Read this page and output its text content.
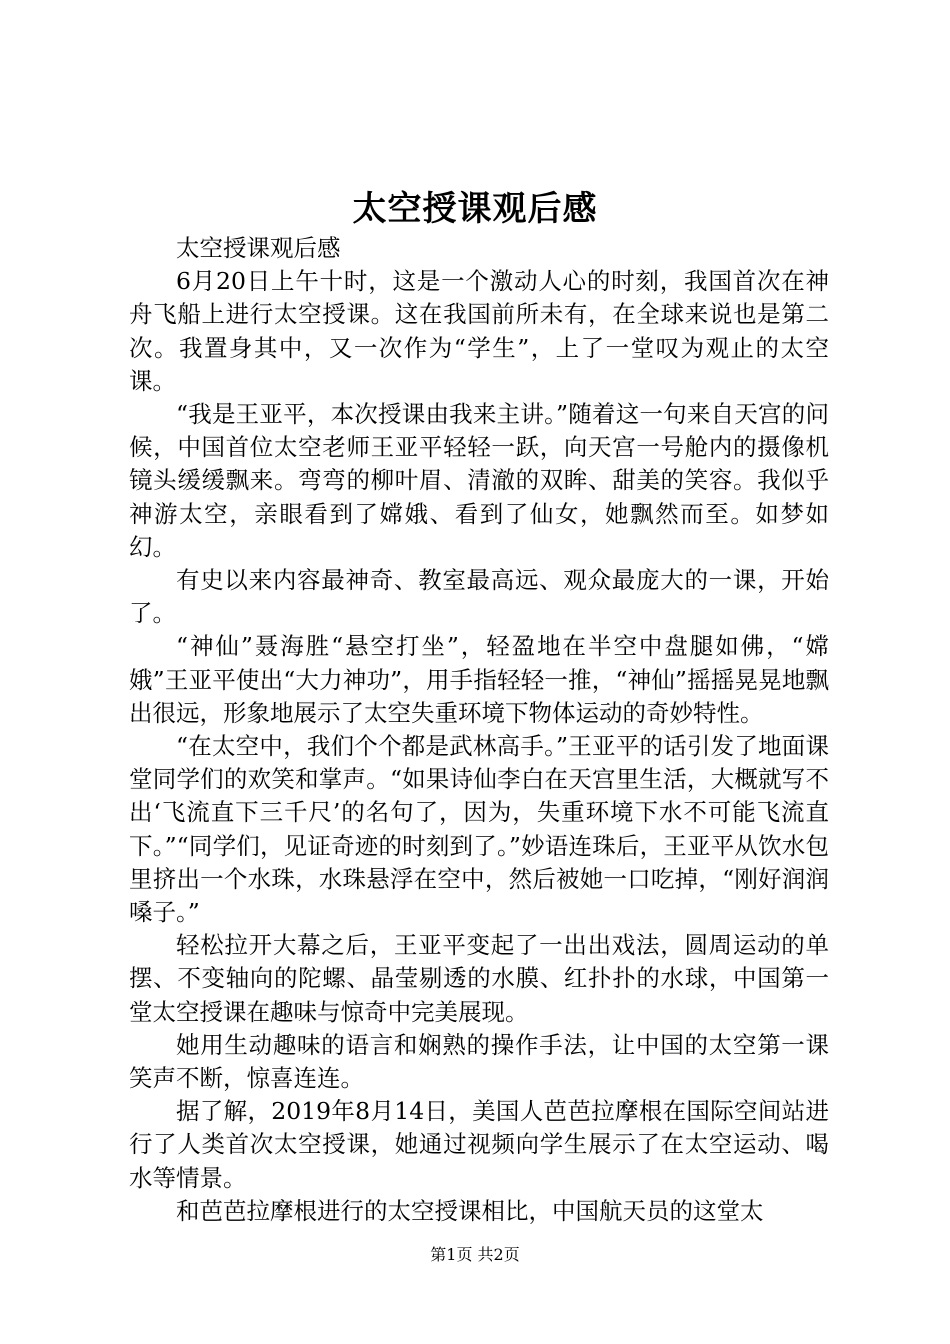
太空授课观后感

太空授课观后感

6月20日上午十时，这是一个激动人心的时刻，我国首次在神舟飞船上进行太空授课。这在我国前所未有，在全球来说也是第二次。我置身其中，又一次作为“学生”，上了一堂叹为观止的太空课。

“我是王亚平，本次授课由我来主讲。”随着这一句来自天宫的问候，中国首位太空老师王亚平轻轻一跃，向天宫一号舱内的摄像机镜头缓缓飘来。弯弯的柳叶眉、清澈的双眸、甜美的笑容。我似乎神游太空，亲眼看到了嫦娥、看到了仙女，她飘然而至。如梦如幻。

有史以来内容最神奇、教室最高远、观众最庞大的一课，开始了。

“神仙”聂海胜“悬空打坐”，轻盈地在半空中盘腿如佛，“嫦娥”王亚平使出“大力神功”，用手指轻轻一推，“神仙”摇摇晃晃地飘出很远，形象地展示了太空失重环境下物体运动的奇妙特性。

“在太空中，我们个个都是武林高手。”王亚平的话引发了地面课堂同学们的欢笑和掌声。“如果诗仙李白在天宫里生活，大概就写不出‘飞流直下三千尺’的名句了，因为，失重环境下水不可能飞流直下。”“同学们，见证奇迹的时刻到了。”妙语连珠后，王亚平从饮水包里挤出一个水珠，水珠悬浮在空中，然后被她一口吃掉，“刚好润润嗓子。”

轻松拉开大幕之后，王亚平变起了一出出戏法，圆周运动的单摆、不变轴向的陀螺、晶莹剔透的水膜、红扑扑的水球，中国第一堂太空授课在趣味与惊奇中完美展现。

她用生动趣味的语言和娴熟的操作手法，让中国的太空第一课笑声不断，惊喜连连。

据了解，2019年8月14日，美国人芭芭拉摩根在国际空间站进行了人类首次太空授课，她通过视频向学生展示了在太空运动、喝水等情景。

和芭芭拉摩根进行的太空授课相比，中国航天员的这堂太

第1页 共2页
